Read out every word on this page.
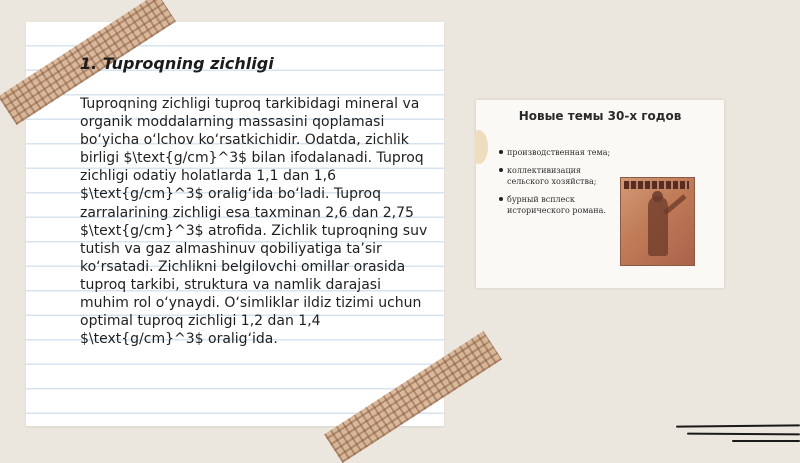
1. Tuproqning zichligi

Tuproqning zichligi tuproq tarkibidagi mineral va organik moddalarning massasini qoplamasi bo‘yicha o‘lchov ko‘rsatkichidir. Odatda, zichlik birligi $\text{g/cm}^3$ bilan ifodalanadi. Tuproq zichligi odatiy holatlarda 1,1 dan 1,6 $\text{g/cm}^3$ oralig‘ida bo‘ladi. Tuproq zarralarining zichligi esa taxminan 2,6 dan 2,75 $\text{g/cm}^3$ atrofida. Zichlik tuproqning suv tutish va gaz almashinuv qobiliyatiga ta’sir ko‘rsatadi. Zichlikni belgilovchi omillar orasida tuproq tarkibi, struktura va namlik darajasi muhim rol o‘ynaydi. O‘simliklar ildiz tizimi uchun optimal tuproq zichligi 1,2 dan 1,4 $\text{g/cm}^3$ oralig‘ida.

Новые темы 30-х годов
производственная тема;
коллективизация сельского хозяйства;
бурный всплеск исторического романа.
